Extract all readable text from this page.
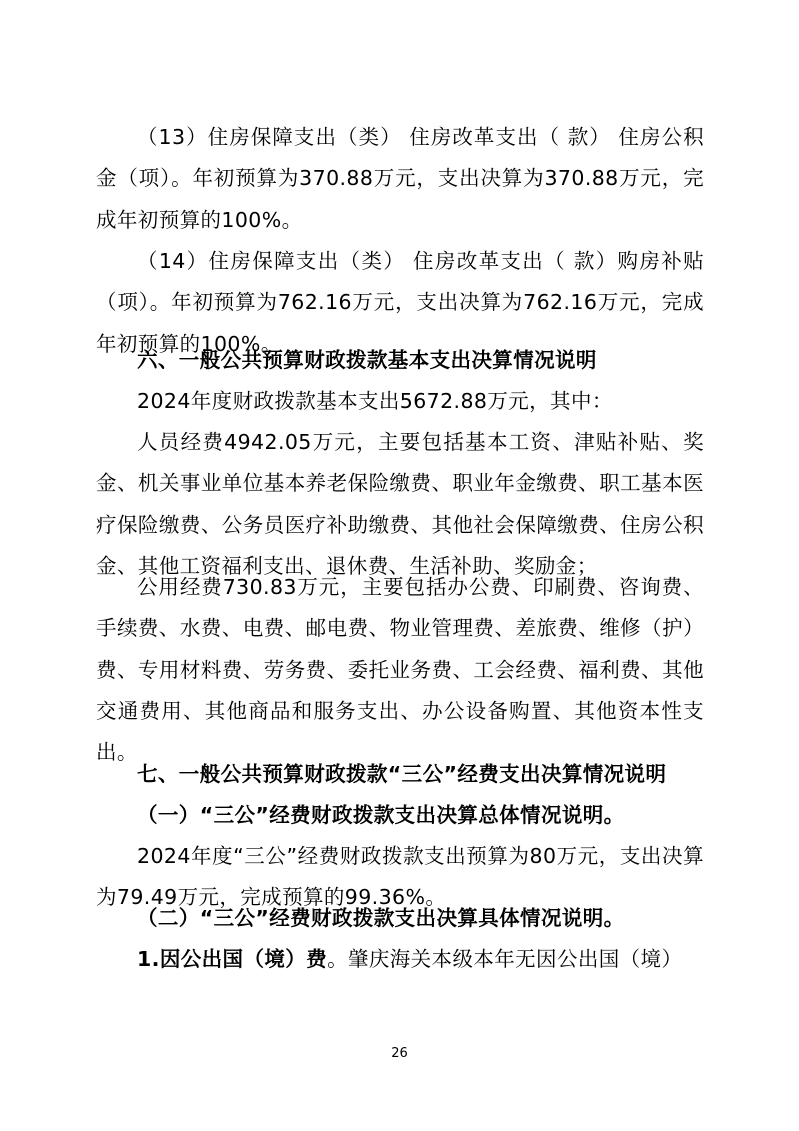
（13）住房保障支出（类） 住房改革支出（ 款） 住房公积金（项）。年初预算为370.88万元，支出决算为370.88万元，完成年初预算的100%。

（14）住房保障支出（类） 住房改革支出（ 款）购房补贴（项）。年初预算为762.16万元，支出决算为762.16万元，完成年初预算的100%。

六、一般公共预算财政拨款基本支出决算情况说明

2024年度财政拨款基本支出5672.88万元，其中：

人员经费4942.05万元，主要包括基本工资、津贴补贴、奖金、机关事业单位基本养老保险缴费、职业年金缴费、职工基本医疗保险缴费、公务员医疗补助缴费、其他社会保障缴费、住房公积金、其他工资福利支出、退休费、生活补助、奖励金；

公用经费730.83万元，主要包括办公费、印刷费、咨询费、手续费、水费、电费、邮电费、物业管理费、差旅费、维修（护）费、专用材料费、劳务费、委托业务费、工会经费、福利费、其他交通费用、其他商品和服务支出、办公设备购置、其他资本性支出。

七、一般公共预算财政拨款“三公”经费支出决算情况说明

（一）“三公”经费财政拨款支出决算总体情况说明。

2024年度“三公”经费财政拨款支出预算为80万元，支出决算为79.49万元，完成预算的99.36%。

（二）“三公”经费财政拨款支出决算具体情况说明。

1.因公出国（境）费。肇庆海关本级本年无因公出国（境）

26
